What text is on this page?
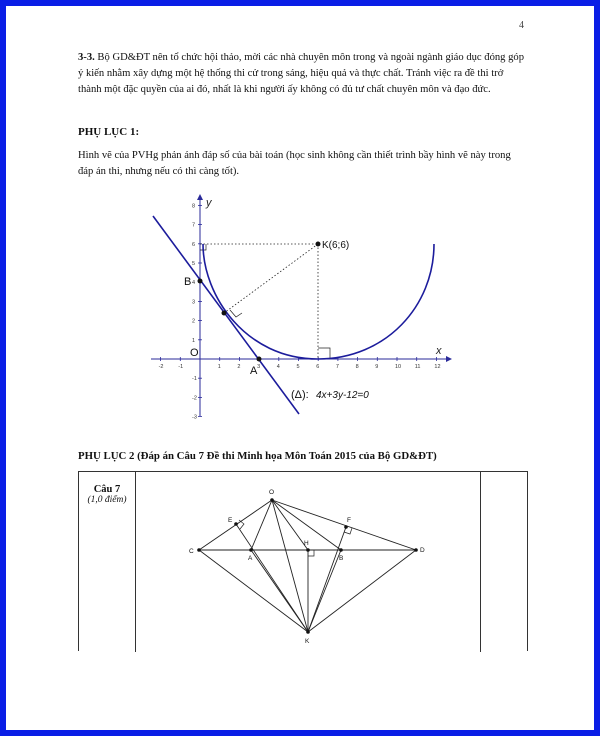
4

3-3. Bộ GD&ĐT nên tổ chức hội thảo, mời các nhà chuyên môn trong và ngoài ngành giáo dục đóng góp ý kiến nhằm xây dựng một hệ thống thi cử trong sáng, hiệu quả và thực chất. Tránh việc ra đề thi trở thành một đặc quyền của ai đó, nhất là khi người ấy không có đủ tư chất chuyên môn và đạo đức.

PHỤ LỤC 1:

Hình vẽ của PVHg phản ánh đáp số của bài toán (học sinh không cần thiết trình bầy hình vẽ này trong đáp án thi, nhưng nếu có thì càng tốt).

x
y
-2	-1	1	2	3	4	5	6	7	8	9	10 11	12
-1
-2
-3
1
2
3
4
5
6
7
8
O
B
A
K(6;6)
(Δ): 4x+3y-12=0

PHỤ LỤC 2 (Đáp án Câu 7 Đề thi Minh họa Môn Toán 2015 của Bộ GD&ĐT)

Câu 7
(1,0 điểm)
O
E	F
C
A
H
B
D
K
